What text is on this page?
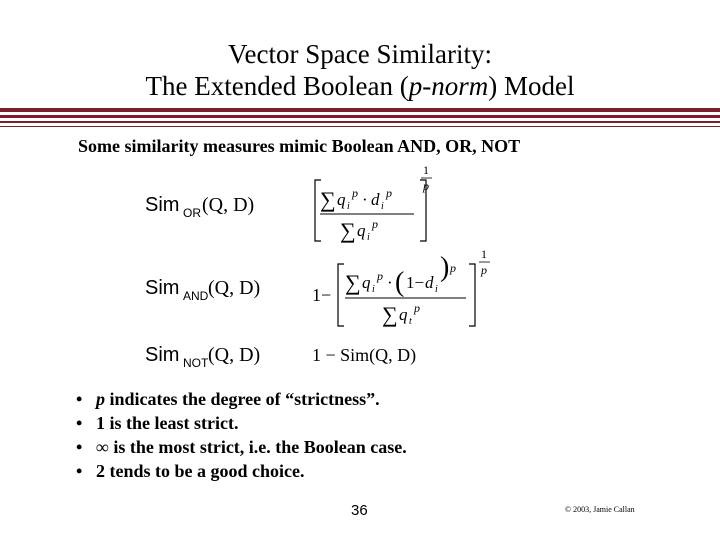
Vector Space Similarity:
The Extended Boolean (p-norm) Model
Some similarity measures mimic Boolean AND, OR, NOT
Sim OR (Q, D)	∑ q i
p · d i
p
∑ q i
p
1
p
Sim AND (Q, D)	1− ∑ q i
p · ( 1− d i
) p
∑ q t
p
1
p
Sim NOT (Q, D)	1 − Sim(Q, D)
• p indicates the degree of “strictness”.
• 1 is the least strict.
• ∞ is the most strict, i.e. the Boolean case.
• 2 tends to be a good choice.
36	© 2003, Jamie Callan
